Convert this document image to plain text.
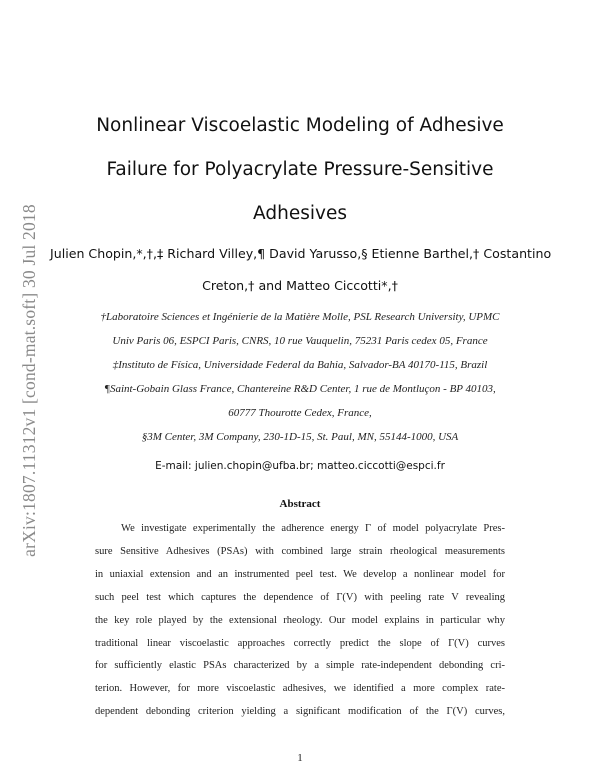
arXiv:1807.11312v1 [cond-mat.soft] 30 Jul 2018
Nonlinear Viscoelastic Modeling of Adhesive
Failure for Polyacrylate Pressure-Sensitive
Adhesives
Julien Chopin,*,†,‡ Richard Villey,¶ David Yarusso,§ Etienne Barthel,† Costantino
Creton,† and Matteo Ciccotti*,†
†Laboratoire Sciences et Ingénierie de la Matière Molle, PSL Research University, UPMC
Univ Paris 06, ESPCI Paris, CNRS, 10 rue Vauquelin, 75231 Paris cedex 05, France
‡Instituto de Física, Universidade Federal da Bahia, Salvador-BA 40170-115, Brazil
¶Saint-Gobain Glass France, Chantereine R&D Center, 1 rue de Montluçon - BP 40103,
60777 Thourotte Cedex, France,
§3M Center, 3M Company, 230-1D-15, St. Paul, MN, 55144-1000, USA
E-mail: julien.chopin@ufba.br; matteo.ciccotti@espci.fr
Abstract
We investigate experimentally the adherence energy Γ of model polyacrylate Pres-
sure Sensitive Adhesives (PSAs) with combined large strain rheological measurements
in uniaxial extension and an instrumented peel test. We develop a nonlinear model for
such peel test which captures the dependence of Γ(V) with peeling rate V revealing
the key role played by the extensional rheology. Our model explains in particular why
traditional linear viscoelastic approaches correctly predict the slope of Γ(V) curves
for sufficiently elastic PSAs characterized by a simple rate-independent debonding cri-
terion. However, for more viscoelastic adhesives, we identified a more complex rate-
dependent debonding criterion yielding a significant modification of the Γ(V) curves,
1
